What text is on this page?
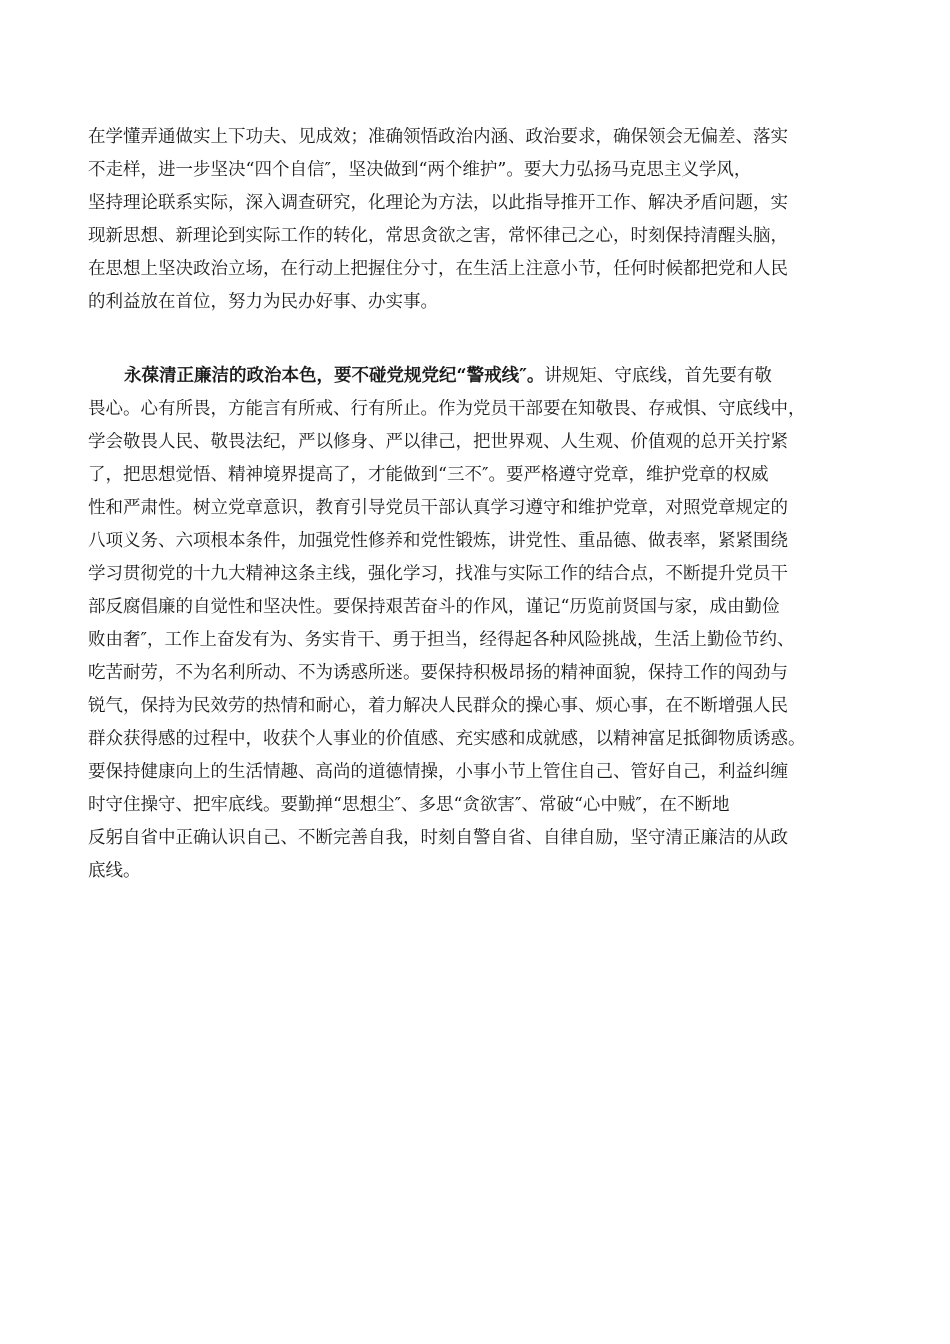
在学懂弄通做实上下功夫、见成效；准确领悟政治内涵、政治要求，确保领会无偏差、落实
不走样，进一步坚决“四个自信″，坚决做到“两个维护”。要大力弘扬马克思主义学风，
坚持理论联系实际，深入调查研究，化理论为方法，以此指导推开工作、解决矛盾问题，实
现新思想、新理论到实际工作的转化，常思贪欲之害，常怀律己之心，时刻保持清醒头脑，
在思想上坚决政治立场，在行动上把握住分寸，在生活上注意小节，任何时候都把党和人民
的利益放在首位，努力为民办好事、办实事。
永葆清正廉洁的政治本色，要不碰党规党纪“警戒线″。讲规矩、守底线，首先要有敬
畏心。心有所畏，方能言有所戒、行有所止。作为党员干部要在知敬畏、存戒惧、守底线中，
学会敬畏人民、敬畏法纪，严以修身、严以律己，把世界观、人生观、价值观的总开关拧紧
了，把思想觉悟、精神境界提高了，才能做到“三不″。要严格遵守党章，维护党章的权威
性和严肃性。树立党章意识，教育引导党员干部认真学习遵守和维护党章，对照党章规定的
八项义务、六项根本条件，加强党性修养和党性锻炼，讲党性、重品德、做表率，紧紧围绕
学习贯彻党的十九大精神这条主线，强化学习，找准与实际工作的结合点，不断提升党员干
部反腐倡廉的自觉性和坚决性。要保持艰苦奋斗的作风，谨记“历览前贤国与家，成由勤俭
败由奢″，工作上奋发有为、务实肯干、勇于担当，经得起各种风险挑战，生活上勤俭节约、
吃苦耐劳，不为名利所动、不为诱惑所迷。要保持积极昂扬的精神面貌，保持工作的闯劲与
锐气，保持为民效劳的热情和耐心，着力解决人民群众的操心事、烦心事，在不断增强人民
群众获得感的过程中，收获个人事业的价值感、充实感和成就感，以精神富足抵御物质诱惑。
要保持健康向上的生活情趣、高尚的道德情操，小事小节上管住自己、管好自己，利益纠缠
时守住操守、把牢底线。要勤掸“思想尘″、多思“贪欲害″、常破“心中贼″，在不断地
反躬自省中正确认识自己、不断完善自我，时刻自警自省、自律自励，坚守清正廉洁的从政
底线。
